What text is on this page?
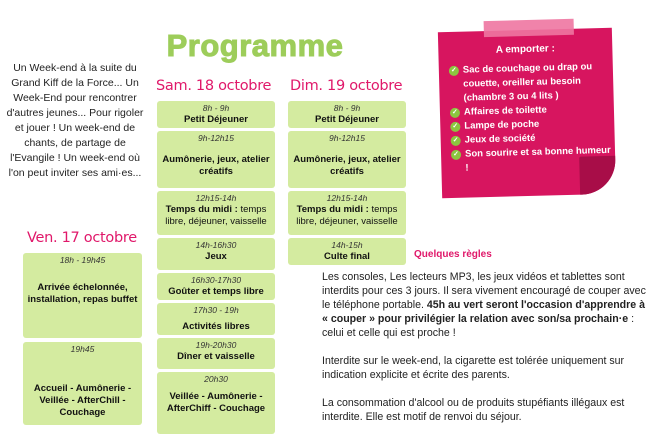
Un Week-end à la suite du Grand Kiff de la Force... Un Week-End pour rencontrer d'autres jeunes... Pour rigoler et jouer ! Un week-end de chants, de partage de l'Evangile ! Un week-end où l'on peut inviter ses ami·es...
Programme
Ven. 17 octobre
Sam. 18 octobre Dim. 19 octobre
18h - 19h45
Arrivée échelonnée, installation, repas buffet
19h45
Accueil - Aumônerie - Veillée - AfterChill - Couchage
8h - 9h
Petit Déjeuner
9h-12h15
Aumônerie, jeux, atelier créatifs
12h15-14h
Temps du midi : temps libre, déjeuner, vaisselle
14h-16h30
Jeux
16h30-17h30
Goûter et temps libre
17h30 - 19h
Activités libres
19h-20h30
Dîner et vaisselle
20h30
Veillée - Aumônerie - AfterChiff - Couchage
8h - 9h
Petit Déjeuner
9h-12h15
Aumônerie, jeux, atelier créatifs
12h15-14h
Temps du midi : temps libre, déjeuner, vaisselle
14h-15h
Culte final
A emporter :
✓ Sac de couchage ou drap ou couette, oreiller au besoin (chambre 3 ou 4 lits )
✓ Affaires de toilette
✓ Lampe de poche
✓ Jeux de société
✓ Son sourire et sa bonne humeur !
Quelques règles

Les consoles, Les lecteurs MP3, les jeux vidéos et tablettes sont interdits pour ces 3 jours. Il sera vivement encouragé de couper avec le téléphone portable. 45h au vert seront l'occasion d'apprendre à « couper » pour privilégier la relation avec son/sa prochain·e : celui et celle qui est proche !

Interdite sur le week-end, la cigarette est tolérée uniquement sur indication explicite et écrite des parents.

La consommation d'alcool ou de produits stupéfiants illégaux est interdite. Elle est motif de renvoi du séjour.
